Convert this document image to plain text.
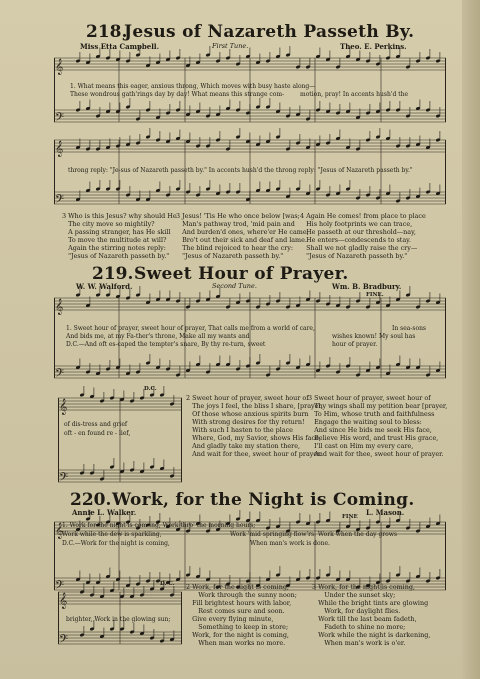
218.
Jesus of Nazareth Passeth By.
Miss Etta Campbell.	First Tune.	Theo. E. Perkins.
𝄞
𝄢
1. What means this eager, anxious throng, Which moves with busy haste along—
These wondrous gath'rings day by day! What means this strange com-	motion, pray! In accents hush'd the
𝄞
𝄢
throng reply: "Je-sus of Nazareth passeth by." In accents hush'd the throng reply: "Jesus of Nazareth passeth by."
3 Who is this Jesus? why should He
The city move so mightily?
A passing stranger, has He skill
To move the multitude at will?
Again the stirring notes reply:
"Jesus of Nazareth passeth by."
3 Jesus! 'Tis He who once below [was;
Man's pathway trod, 'mid pain and
And burden'd ones, where'er He came,
Bro't out their sick and deaf and lame.
The blind rejoiced to hear the cry:
"Jesus of Nazareth passeth by."
4 Again He comes! from place to place
His holy footprints we can trace,
He passeth at our threshold—nay,
He enters—condescends to stay.
Shall we not gladly raise the cry—
"Jesus of Nazareth passeth by."
219. Sweet Hour of Prayer.
W. W. Walford.	Second Tune.	Wm. B. Bradbury.
FINE.
𝄞
𝄢
1. Sweet hour of prayer, sweet hour of prayer, That calls me from a world of care,
And bids me, at my Fa-ther's throne, Make all my wants and
D.C.—And oft es-caped the tempter's snare, By thy re-turn, sweet
In sea-sons
wishes known! My soul has
hour of prayer.
D.C.
𝄞
𝄢
of dis-tress and grief
oft - en found re - lief,
2 Sweet hour of prayer, sweet hour of
The joys I feel, the bliss I share, [prayer,
Of those whose anxious spirits burn
With strong desires for thy return!
With such I hasten to the place
Where, God, my Savior, shows His face,
And gladly take my station there,
And wait for thee, sweet hour of prayer.
3 Sweet hour of prayer, sweet hour of
Thy wings shall my petition bear [prayer,
To Him, whose truth and faithfulness
Engage the waiting soul to bless:
And since He bids me seek His face,
Believe His word, and trust His grace,
I'll cast on Him my every care,
And wait for thee, sweet hour of prayer.
220. Work, for the Night is Coming.
Annie L. Walker.	FINE L. Mason.
𝄞
𝄢
1. Work for the night is com-ing, Work thro' the morning hours;
Work while the dew is sparkling,	Work 'mid springing flow'rs. Work when the day grows
D.C.—Work for the night is coming,	When man's work is done.
D. C.
𝄞
𝄢
brighter, Work in the glowing sun;
2 Work, for the night is coming,
Work through the sunny noon;
Fill brightest hours with labor,
Rest comes sure and soon.
Give every flying minute,
Something to keep in store;
Work, for the night is coming,
When man works no more.
3 Work, for the night is coming,
Under the sunset sky;
While the bright tints are glowing
Work, for daylight flies.
Work till the last beam fadeth,
Fadeth to shine no more;
Work while the night is darkening,
When man's work is o'er.
